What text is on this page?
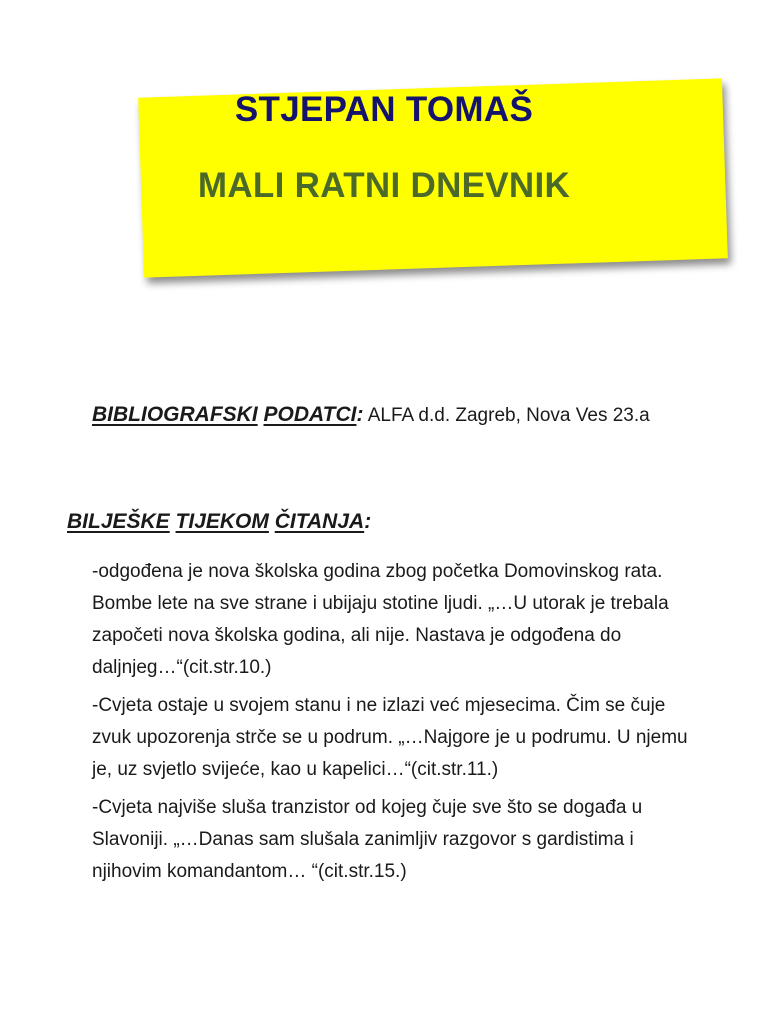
STJEPAN TOMAŠ
MALI RATNI DNEVNIK
BIBLIOGRAFSKI PODATCI: ALFA d.d. Zagreb, Nova Ves 23.a
BILJEŠKE TIJEKOM ČITANJA:

-odgođena je nova školska godina zbog početka Domovinskog rata. Bombe lete na sve strane i ubijaju stotine ljudi. „…U utorak je trebala započeti nova školska godina, ali nije. Nastava je odgođena do daljnjeg…“(cit.str.10.)

-Cvjeta ostaje u svojem stanu i ne izlazi već mjesecima. Čim se čuje zvuk upozorenja strče se u podrum. „…Najgore je u podrumu. U njemu je, uz svjetlo svijeće, kao u kapelici…“(cit.str.11.)

-Cvjeta najviše sluša tranzistor od kojeg čuje sve što se događa u Slavoniji. „…Danas sam slušala zanimljiv razgovor s gardistima i njihovim komandantom… “(cit.str.15.)
